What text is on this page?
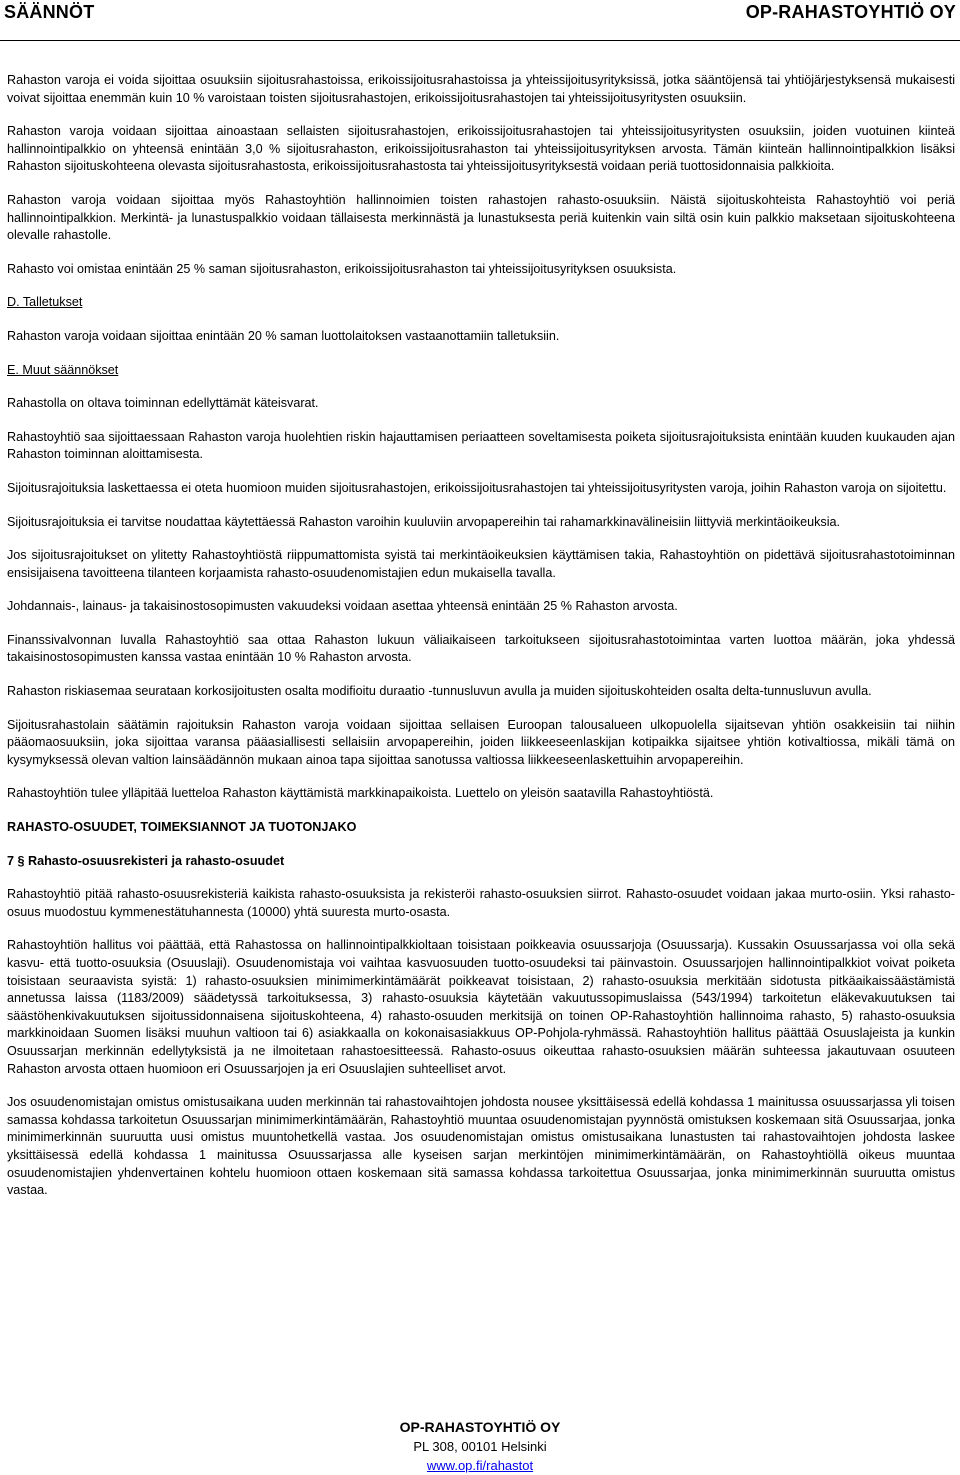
SÄÄNNÖT	OP-RAHASTOYHTIÖ OY

Rahaston varoja ei voida sijoittaa osuuksiin sijoitusrahastoissa, erikoissijoitusrahastoissa ja yhteissijoitusyrityksissä, jotka sääntöjensä tai yhtiöjärjestyksensä mukaisesti voivat sijoittaa enemmän kuin 10 % varoistaan toisten sijoitusrahastojen, erikoissijoitusrahastojen tai yhteissijoitusyritysten osuuksiin.

Rahaston varoja voidaan sijoittaa ainoastaan sellaisten sijoitusrahastojen, erikoissijoitusrahastojen tai yhteissijoitusyritysten osuuksiin, joiden vuotuinen kiinteä hallinnointipalkkio on yhteensä enintään 3,0 % sijoitusrahaston, erikoissijoitusrahaston tai yhteissijoitusyrityksen arvosta. Tämän kiinteän hallinnointipalkkion lisäksi Rahaston sijoituskohteena olevasta sijoitusrahastosta, erikoissijoitusrahastosta tai yhteissijoitusyrityksestä voidaan periä tuottosidonnaisia palkkioita.

Rahaston varoja voidaan sijoittaa myös Rahastoyhtiön hallinnoimien toisten rahastojen rahasto-osuuksiin. Näistä sijoituskohteista Rahastoyhtiö voi periä hallinnointipalkkion. Merkintä- ja lunastuspalkkio voidaan tällaisesta merkinnästä ja lunastuksesta periä kuitenkin vain siltä osin kuin palkkio maksetaan sijoituskohteena olevalle rahastolle.

Rahasto voi omistaa enintään 25 % saman sijoitusrahaston, erikoissijoitusrahaston tai yhteissijoitusyrityksen osuuksista.

D. Talletukset

Rahaston varoja voidaan sijoittaa enintään 20 % saman luottolaitoksen vastaanottamiin talletuksiin.

E. Muut säännökset

Rahastolla on oltava toiminnan edellyttämät käteisvarat.

Rahastoyhtiö saa sijoittaessaan Rahaston varoja huolehtien riskin hajauttamisen periaatteen soveltamisesta poiketa sijoitusrajoituksista enintään kuuden kuukauden ajan Rahaston toiminnan aloittamisesta.

Sijoitusrajoituksia laskettaessa ei oteta huomioon muiden sijoitusrahastojen, erikoissijoitusrahastojen tai yhteissijoitusyritysten varoja, joihin Rahaston varoja on sijoitettu.

Sijoitusrajoituksia ei tarvitse noudattaa käytettäessä Rahaston varoihin kuuluviin arvopapereihin tai rahamarkkinavälineisiin liittyviä merkintäoikeuksia.

Jos sijoitusrajoitukset on ylitetty Rahastoyhtiöstä riippumattomista syistä tai merkintäoikeuksien käyttämisen takia, Rahastoyhtiön on pidettävä sijoitusrahastotoiminnan ensisijaisena tavoitteena tilanteen korjaamista rahasto-osuudenomistajien edun mukaisella tavalla.

Johdannais-, lainaus- ja takaisinostosopimusten vakuudeksi voidaan asettaa yhteensä enintään 25 % Rahaston arvosta.

Finanssivalvonnan luvalla Rahastoyhtiö saa ottaa Rahaston lukuun väliaikaiseen tarkoitukseen sijoitusrahastotoimintaa varten luottoa määrän, joka yhdessä takaisinostosopimusten kanssa vastaa enintään 10 % Rahaston arvosta.

Rahaston riskiasemaa seurataan korkosijoitusten osalta modifioitu duraatio -tunnusluvun avulla ja muiden sijoituskohteiden osalta delta-tunnusluvun avulla.

Sijoitusrahastolain säätämin rajoituksin Rahaston varoja voidaan sijoittaa sellaisen Euroopan talousalueen ulkopuolella sijaitsevan yhtiön osakkeisiin tai niihin pääomaosuuksiin, joka sijoittaa varansa pääasiallisesti sellaisiin arvopapereihin, joiden liikkeeseenlaskijan kotipaikka sijaitsee yhtiön kotivaltiossa, mikäli tämä on kysymyksessä olevan valtion lainsäädännön mukaan ainoa tapa sijoittaa sanotussa valtiossa liikkeeseenlaskettuihin arvopapereihin.

Rahastoyhtiön tulee ylläpitää luetteloa Rahaston käyttämistä markkinapaikoista. Luettelo on yleisön saatavilla Rahastoyhtiöstä.

RAHASTO-OSUUDET, TOIMEKSIANNOT JA TUOTONJAKO

7 § Rahasto-osuusrekisteri ja rahasto-osuudet

Rahastoyhtiö pitää rahasto-osuusrekisteriä kaikista rahasto-osuuksista ja rekisteröi rahasto-osuuksien siirrot. Rahasto-osuudet voidaan jakaa murto-osiin. Yksi rahasto-osuus muodostuu kymmenestätuhannesta (10000) yhtä suuresta murto-osasta.

Rahastoyhtiön hallitus voi päättää, että Rahastossa on hallinnointipalkkioltaan toisistaan poikkeavia osuussarjoja (Osuussarja). Kussakin Osuussarjassa voi olla sekä kasvu- että tuotto-osuuksia (Osuuslaji). Osuudenomistaja voi vaihtaa kasvuosuuden tuotto-osuudeksi tai päinvastoin. Osuussarjojen hallinnointipalkkiot voivat poiketa toisistaan seuraavista syistä: 1) rahasto-osuuksien minimimerkintämäärät poikkeavat toisistaan, 2) rahasto-osuuksia merkitään sidotusta pitkäaikaissäästämistä annetussa laissa (1183/2009) säädetyssä tarkoituksessa, 3) rahasto-osuuksia käytetään vakuutussopimuslaissa (543/1994) tarkoitetun eläkevakuutuksen tai säästöhenkivakuutuksen sijoitussidonnaisena sijoituskohteena, 4) rahasto-osuuden merkitsijä on toinen OP-Rahastoyhtiön hallinnoima rahasto, 5) rahasto-osuuksia markkinoidaan Suomen lisäksi muuhun valtioon tai 6) asiakkaalla on kokonaisasiakkuus OP-Pohjola-ryhmässä. Rahastoyhtiön hallitus päättää Osuuslajeista ja kunkin Osuussarjan merkinnän edellytyksistä ja ne ilmoitetaan rahastoesitteessä. Rahasto-osuus oikeuttaa rahasto-osuuksien määrän suhteessa jakautuvaan osuuteen Rahaston arvosta ottaen huomioon eri Osuussarjojen ja eri Osuuslajien suhteelliset arvot.

Jos osuudenomistajan omistus omistusaikana uuden merkinnän tai rahastovaihtojen johdosta nousee yksittäisessä edellä kohdassa 1 mainitussa osuussarjassa yli toisen samassa kohdassa tarkoitetun Osuussarjan minimimerkintämäärän, Rahastoyhtiö muuntaa osuudenomistajan pyynnöstä omistuksen koskemaan sitä Osuussarjaa, jonka minimimerkinnän suuruutta uusi omistus muuntohetkellä vastaa. Jos osuudenomistajan omistus omistusaikana lunastusten tai rahastovaihtojen johdosta laskee yksittäisessä edellä kohdassa 1 mainitussa Osuussarjassa alle kyseisen sarjan merkintöjen minimimerkintämäärän, on Rahastoyhtiöllä oikeus muuntaa osuudenomistajien yhdenvertainen kohtelu huomioon ottaen koskemaan sitä samassa kohdassa tarkoitettua Osuussarjaa, jonka minimimerkinnän suuruutta omistus vastaa.

OP-RAHASTOYHTIÖ OY
PL 308, 00101 Helsinki
www.op.fi/rahastot
